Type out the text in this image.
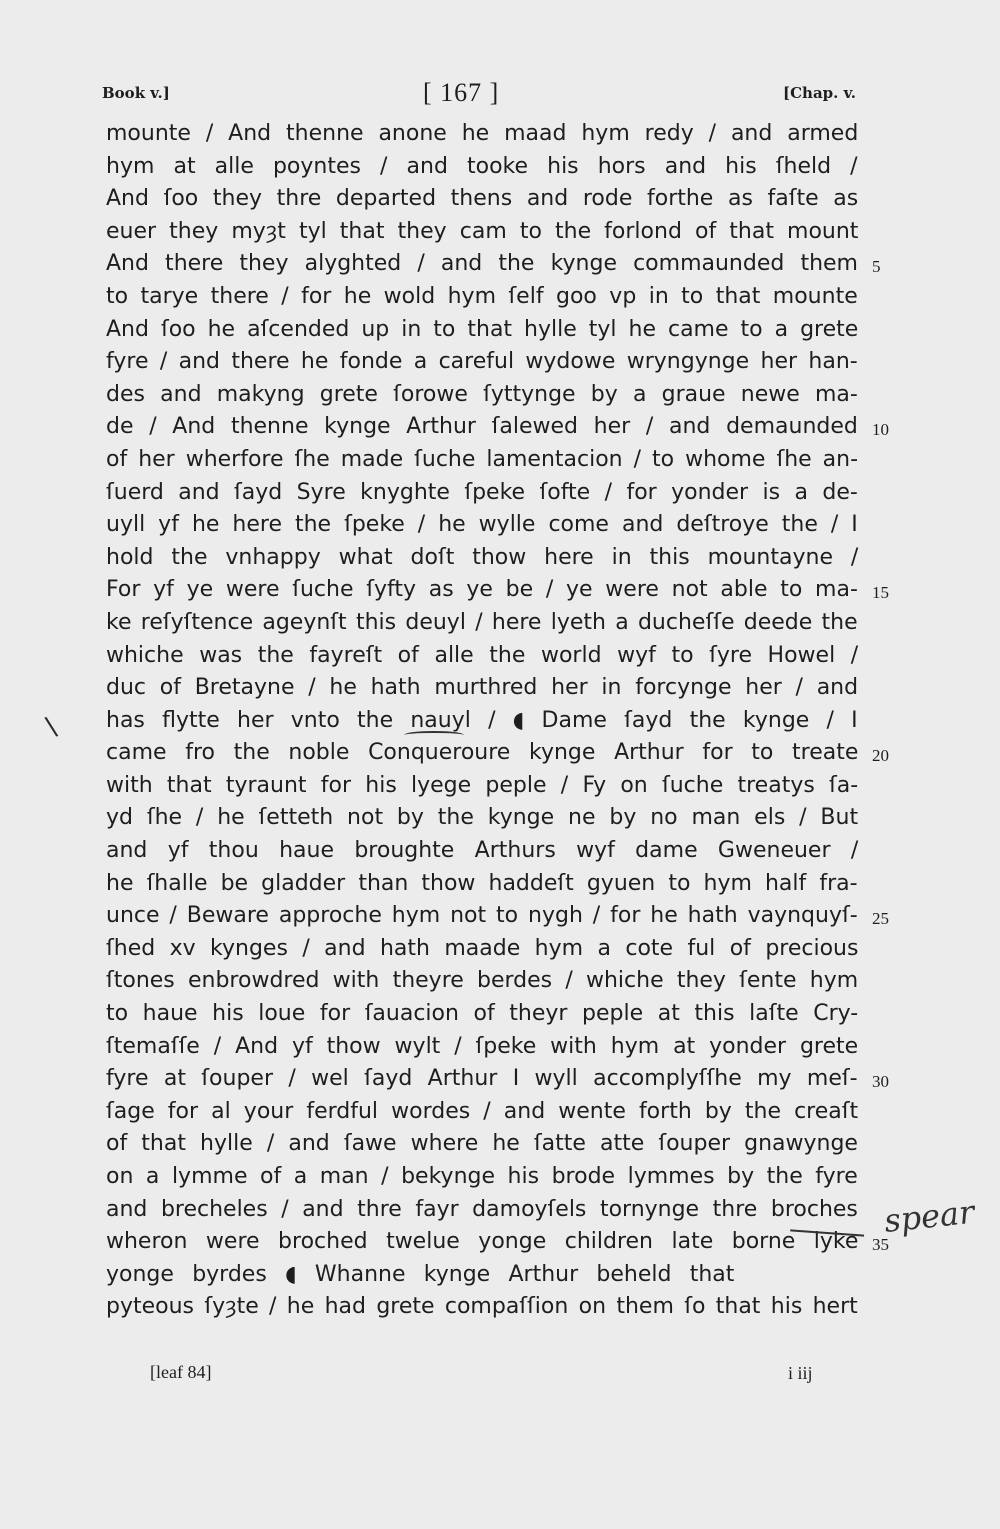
Book v.]	[ 167 ]	[Chap. v.
mounte / And thenne anone he maad hym redy / and armed
hym at alle poyntes / and tooke his hors and his ſheld /
And ſoo they thre departed thens and rode forthe as faſte as
euer they myȝt tyl that they cam to the forlond of that mount
And there they alyghted / and the kynge commaunded them 5
to tarye there / for he wold hym ſelf goo vp in to that mounte
And ſoo he aſcended up in to that hylle tyl he came to a grete
fyre / and there he fonde a careful wydowe wryngynge her han-
des and makyng grete ſorowe ſyttynge by a graue newe ma-
de / And thenne kynge Arthur ſalewed her / and demaunded 10
of her wherfore ſhe made ſuche lamentacion / to whome ſhe an-
ſuerd and ſayd Syre knyghte ſpeke ſofte / for yonder is a de-
uyll yf he here the ſpeke / he wylle come and deſtroye the / I
hold the vnhappy what doſt thow here in this mountayne /
For yf ye were ſuche ſyfty as ye be / ye were not able to ma- 15
ke reſyſtence ageynſt this deuyl / here lyeth a ducheſſe deede the
whiche was the fayreſt of alle the world wyf to ſyre Howel /
duc of Bretayne / he hath murthred her in forcynge her / and
has flytte her vnto the nauyl / ◖ Dame ſayd the kynge / I
came fro the noble Conqueroure kynge Arthur for to treate 20
with that tyraunt for his lyege peple / Fy on ſuche treatys ſa-
yd ſhe / he ſetteth not by the kynge ne by no man els / But
and yf thou haue broughte Arthurs wyf dame Gweneuer /
he ſhalle be gladder than thow haddeſt gyuen to hym half fra-
unce / Beware approche hym not to nygh / for he hath vaynquyſ- 25
ſhed xv kynges / and hath maade hym a cote ful of precious
ſtones enbrowdred with theyre berdes / whiche they ſente hym
to haue his loue for ſauacion of theyr peple at this laſte Cry-
ſtemaſſe / And yf thow wylt / ſpeke with hym at yonder grete
fyre at ſouper / wel ſayd Arthur I wyll accomplyſſhe my meſ- 30
ſage for al your ferdful wordes / and wente forth by the creaſt
of that hylle / and ſawe where he ſatte atte ſouper gnawynge
on a lymme of a man / bekynge his brode lymmes by the fyre
and brecheles / and thre fayr damoyſels tornynge thre broches
wheron were broched twelue yonge children late borne lyke 35
yonge byrdes ◖ Whanne kynge Arthur beheld that
pyteous ſyȝte / he had grete compaſſion on them ſo that his hert
\
spear
[leaf 84]	i iij
